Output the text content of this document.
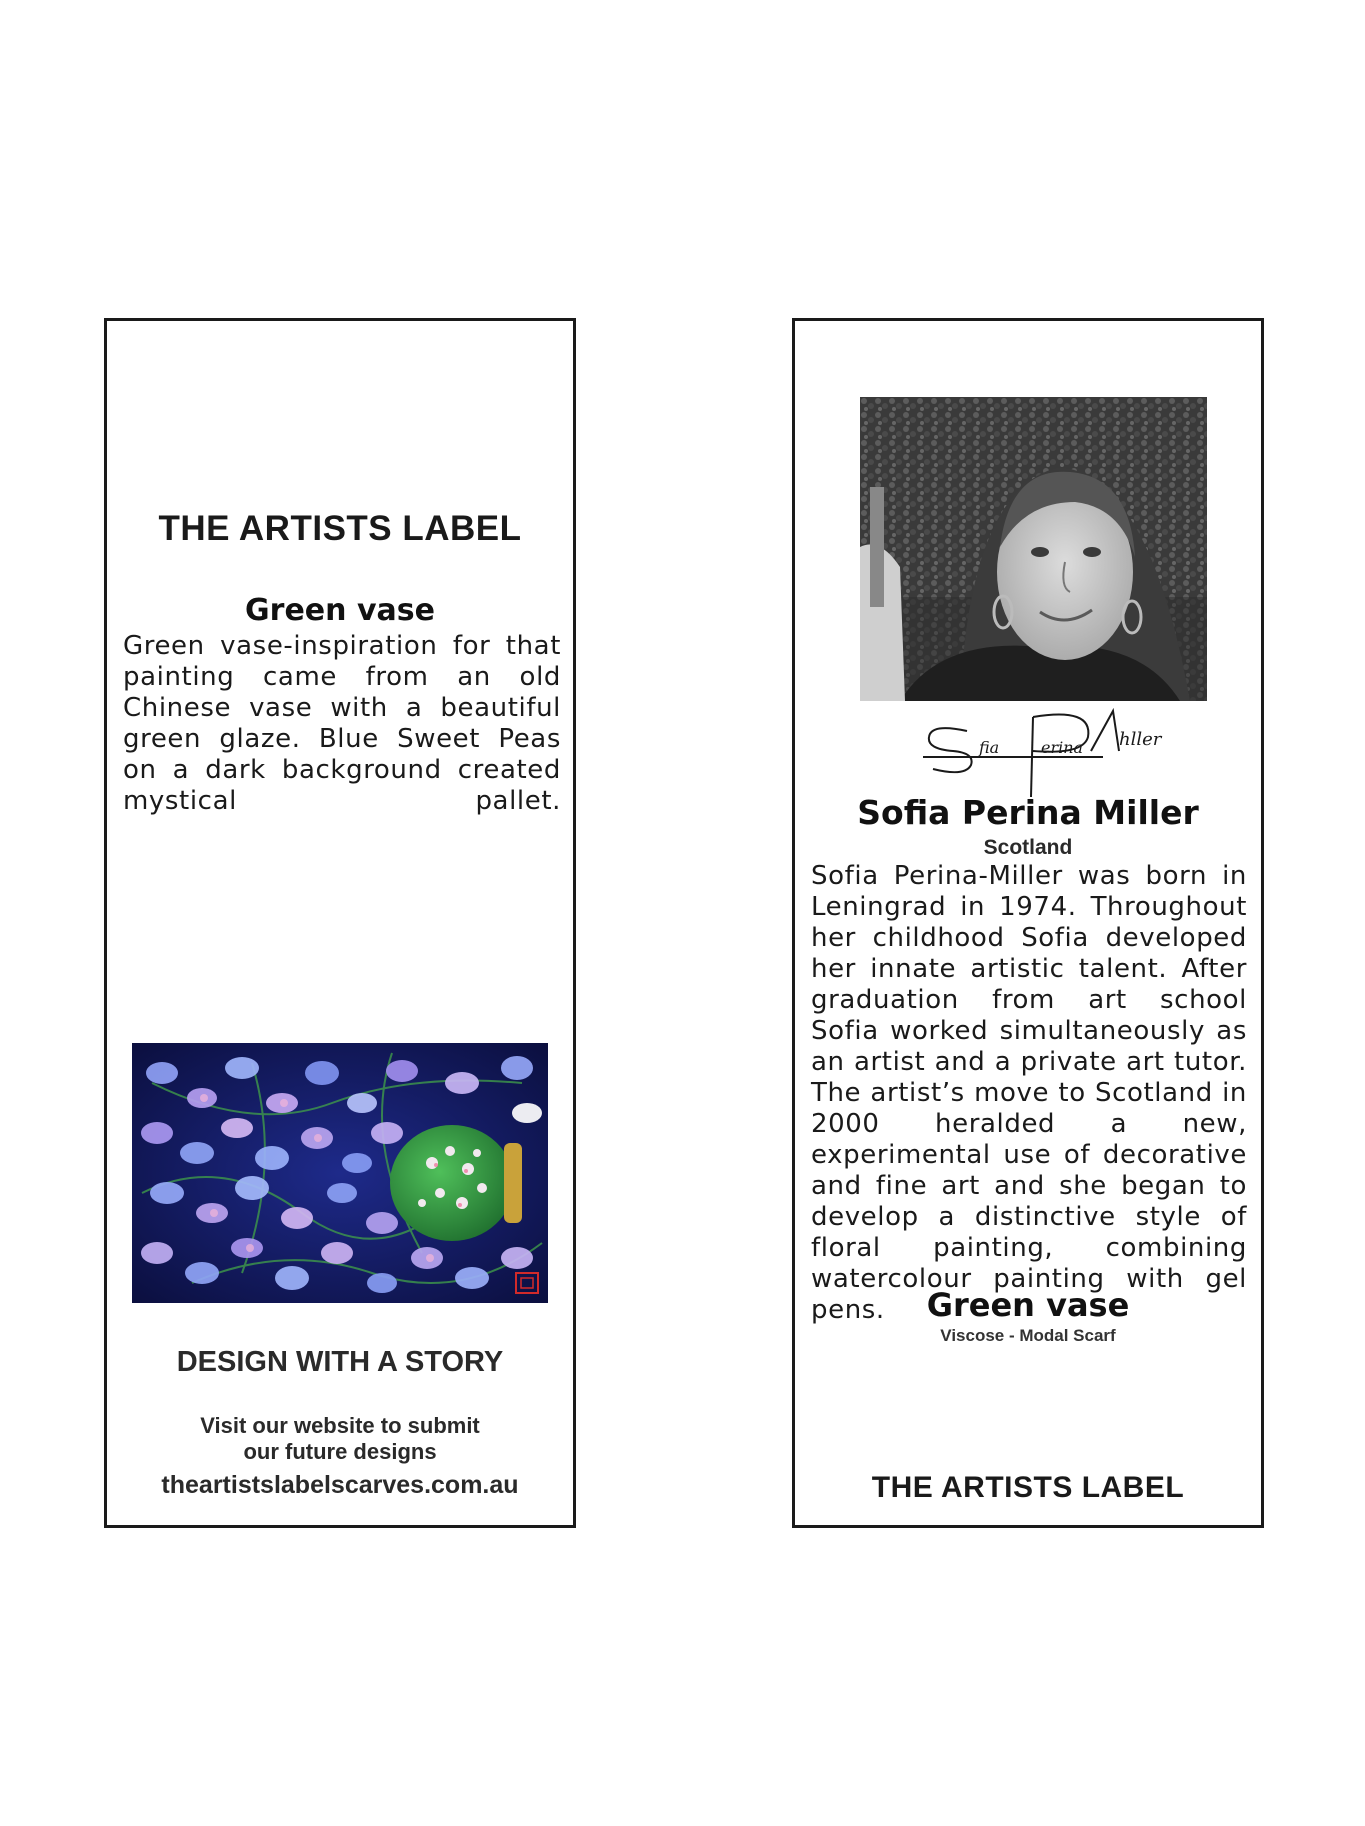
THE ARTISTS LABEL
Green vase
Green vase-inspiration for that painting came from an old Chinese vase with a beautiful green glaze. Blue Sweet Peas on a dark background created mystical pallet.
DESIGN WITH A STORY
Visit our website to submit
our future designs
theartistslabelscarves.com.au
fia	erina hller
Sofia Perina Miller
Scotland
Sofia Perina-Miller was born in Leningrad in 1974. Throughout her childhood Sofia developed her innate artistic talent. After graduation from art school Sofia worked simultaneously as an artist and a private art tutor. The artist’s move to Scotland in 2000 heralded a new, experimental use of decorative and fine art and she began to develop a distinctive style of floral painting, combining watercolour painting with gel pens.	Green vase
Viscose - Modal Scarf
THE ARTISTS LABEL
